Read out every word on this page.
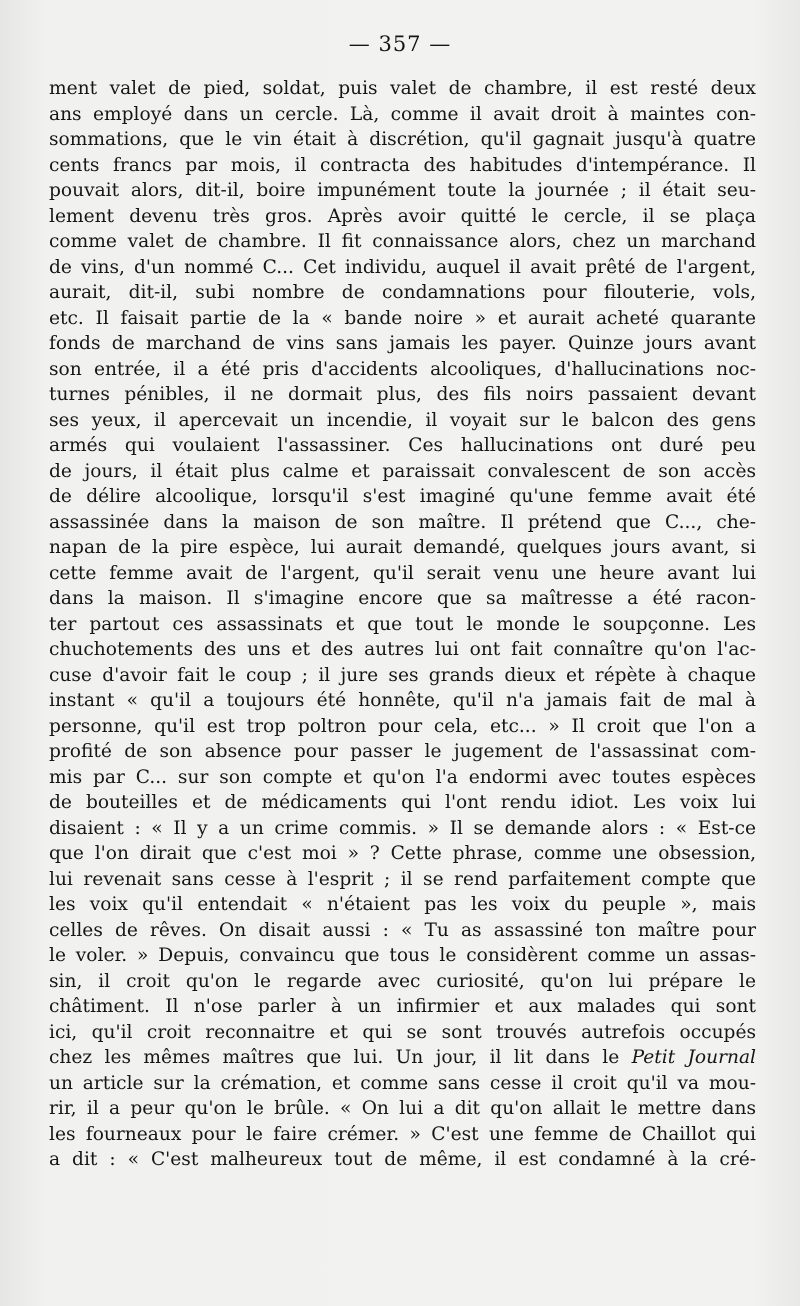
— 357 —
ment valet de pied, soldat, puis valet de chambre, il est resté deux
ans employé dans un cercle. Là, comme il avait droit à maintes con-
sommations, que le vin était à discrétion, qu'il gagnait jusqu'à quatre
cents francs par mois, il contracta des habitudes d'intempérance. Il
pouvait alors, dit-il, boire impunément toute la journée ; il était seu-
lement devenu très gros. Après avoir quitté le cercle, il se plaça
comme valet de chambre. Il fit connaissance alors, chez un marchand
de vins, d'un nommé C... Cet individu, auquel il avait prêté de l'argent,
aurait, dit-il, subi nombre de condamnations pour filouterie, vols,
etc. Il faisait partie de la « bande noire » et aurait acheté quarante
fonds de marchand de vins sans jamais les payer. Quinze jours avant
son entrée, il a été pris d'accidents alcooliques, d'hallucinations noc-
turnes pénibles, il ne dormait plus, des fils noirs passaient devant
ses yeux, il apercevait un incendie, il voyait sur le balcon des gens
armés qui voulaient l'assassiner. Ces hallucinations ont duré peu
de jours, il était plus calme et paraissait convalescent de son accès
de délire alcoolique, lorsqu'il s'est imaginé qu'une femme avait été
assassinée dans la maison de son maître. Il prétend que C..., che-
napan de la pire espèce, lui aurait demandé, quelques jours avant, si
cette femme avait de l'argent, qu'il serait venu une heure avant lui
dans la maison. Il s'imagine encore que sa maîtresse a été racon-
ter partout ces assassinats et que tout le monde le soupçonne. Les
chuchotements des uns et des autres lui ont fait connaître qu'on l'ac-
cuse d'avoir fait le coup ; il jure ses grands dieux et répète à chaque
instant « qu'il a toujours été honnête, qu'il n'a jamais fait de mal à
personne, qu'il est trop poltron pour cela, etc... » Il croit que l'on a
profité de son absence pour passer le jugement de l'assassinat com-
mis par C... sur son compte et qu'on l'a endormi avec toutes espèces
de bouteilles et de médicaments qui l'ont rendu idiot. Les voix lui
disaient : « Il y a un crime commis. » Il se demande alors : « Est-ce
que l'on dirait que c'est moi » ? Cette phrase, comme une obsession,
lui revenait sans cesse à l'esprit ; il se rend parfaitement compte que
les voix qu'il entendait « n'étaient pas les voix du peuple », mais
celles de rêves. On disait aussi : « Tu as assassiné ton maître pour
le voler. » Depuis, convaincu que tous le considèrent comme un assas-
sin, il croit qu'on le regarde avec curiosité, qu'on lui prépare le
châtiment. Il n'ose parler à un infirmier et aux malades qui sont
ici, qu'il croit reconnaitre et qui se sont trouvés autrefois occupés
chez les mêmes maîtres que lui. Un jour, il lit dans le Petit Journal
un article sur la crémation, et comme sans cesse il croit qu'il va mou-
rir, il a peur qu'on le brûle. « On lui a dit qu'on allait le mettre dans
les fourneaux pour le faire crémer. » C'est une femme de Chaillot qui
a dit : « C'est malheureux tout de même, il est condamné à la cré-
